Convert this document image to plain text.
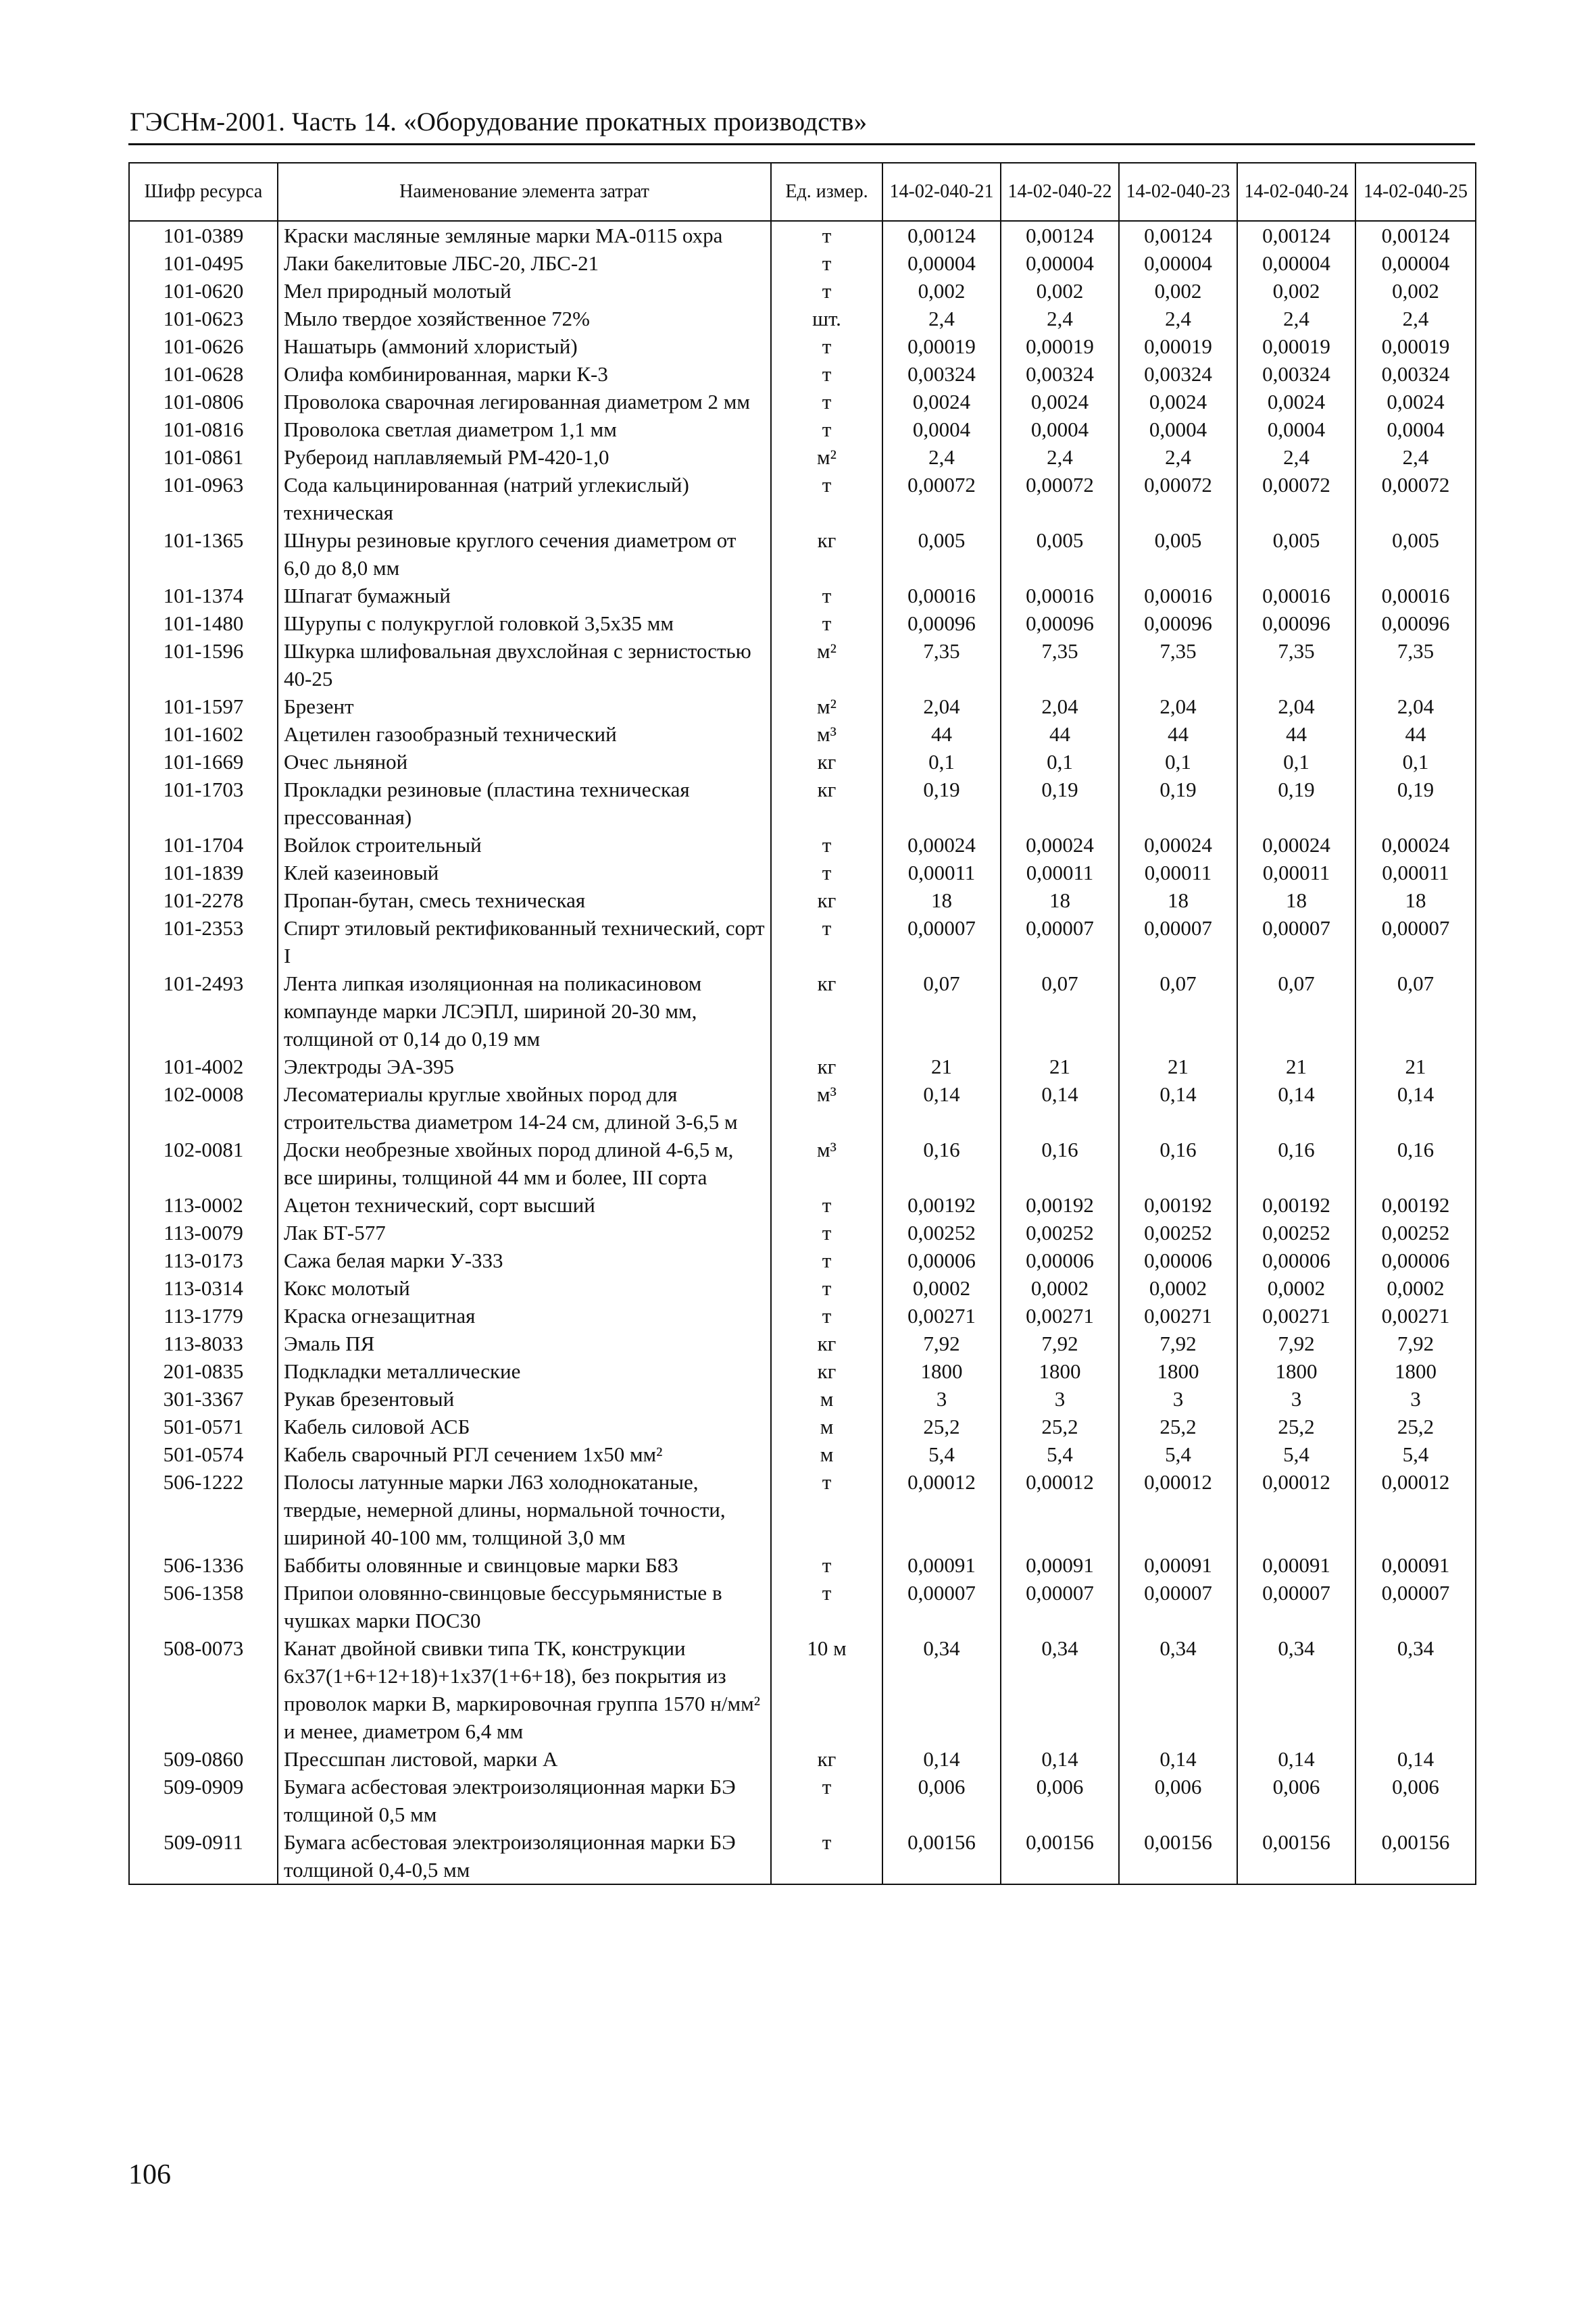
ГЭСНм-2001. Часть 14. «Оборудование прокатных производств»
Шифр ресурса	Наименование элемента затрат	Ед. измер.	14-02-040-21	14-02-040-22	14-02-040-23	14-02-040-24	14-02-040-25
101-0389	Краски масляные земляные марки МА-0115 охра	т	0,00124	0,00124	0,00124	0,00124	0,00124
101-0495	Лаки бакелитовые ЛБС-20, ЛБС-21	т	0,00004	0,00004	0,00004	0,00004	0,00004
101-0620	Мел природный молотый	т	0,002	0,002	0,002	0,002	0,002
101-0623	Мыло твердое хозяйственное 72%	шт.	2,4	2,4	2,4	2,4	2,4
101-0626	Нашатырь (аммоний хлористый)	т	0,00019	0,00019	0,00019	0,00019	0,00019
101-0628	Олифа комбинированная, марки К-3	т	0,00324	0,00324	0,00324	0,00324	0,00324
101-0806	Проволока сварочная легированная диаметром 2 мм	т	0,0024	0,0024	0,0024	0,0024	0,0024
101-0816	Проволока светлая диаметром 1,1 мм	т	0,0004	0,0004	0,0004	0,0004	0,0004
101-0861	Рубероид наплавляемый РМ-420-1,0	м²	2,4	2,4	2,4	2,4	2,4
101-0963	Сода кальцинированная (натрий углекислый) техническая	т	0,00072	0,00072	0,00072	0,00072	0,00072
101-1365	Шнуры резиновые круглого сечения диаметром от 6,0 до 8,0 мм	кг	0,005	0,005	0,005	0,005	0,005
101-1374	Шпагат бумажный	т	0,00016	0,00016	0,00016	0,00016	0,00016
101-1480	Шурупы с полукруглой головкой 3,5х35 мм	т	0,00096	0,00096	0,00096	0,00096	0,00096
101-1596	Шкурка шлифовальная двухслойная с зернистостью 40-25	м²	7,35	7,35	7,35	7,35	7,35
101-1597	Брезент	м²	2,04	2,04	2,04	2,04	2,04
101-1602	Ацетилен газообразный технический	м³	44	44	44	44	44
101-1669	Очес льняной	кг	0,1	0,1	0,1	0,1	0,1
101-1703	Прокладки резиновые (пластина техническая прессованная)	кг	0,19	0,19	0,19	0,19	0,19
101-1704	Войлок строительный	т	0,00024	0,00024	0,00024	0,00024	0,00024
101-1839	Клей казеиновый	т	0,00011	0,00011	0,00011	0,00011	0,00011
101-2278	Пропан-бутан, смесь техническая	кг	18	18	18	18	18
101-2353	Спирт этиловый ректификованный технический, сорт I	т	0,00007	0,00007	0,00007	0,00007	0,00007
101-2493	Лента липкая изоляционная на поликасиновом компаунде марки ЛСЭПЛ, шириной 20-30 мм, толщиной от 0,14 до 0,19 мм	кг	0,07	0,07	0,07	0,07	0,07
101-4002	Электроды ЭА-395	кг	21	21	21	21	21
102-0008	Лесоматериалы круглые хвойных пород для строительства диаметром 14-24 см, длиной 3-6,5 м	м³	0,14	0,14	0,14	0,14	0,14
102-0081	Доски необрезные хвойных пород длиной 4-6,5 м, все ширины, толщиной 44 мм и более, III сорта	м³	0,16	0,16	0,16	0,16	0,16
113-0002	Ацетон технический, сорт высший	т	0,00192	0,00192	0,00192	0,00192	0,00192
113-0079	Лак БТ-577	т	0,00252	0,00252	0,00252	0,00252	0,00252
113-0173	Сажа белая марки У-333	т	0,00006	0,00006	0,00006	0,00006	0,00006
113-0314	Кокс молотый	т	0,0002	0,0002	0,0002	0,0002	0,0002
113-1779	Краска огнезащитная	т	0,00271	0,00271	0,00271	0,00271	0,00271
113-8033	Эмаль ПЯ	кг	7,92	7,92	7,92	7,92	7,92
201-0835	Подкладки металлические	кг	1800	1800	1800	1800	1800
301-3367	Рукав брезентовый	м	3	3	3	3	3
501-0571	Кабель силовой АСБ	м	25,2	25,2	25,2	25,2	25,2
501-0574	Кабель сварочный РГЛ сечением 1х50 мм²	м	5,4	5,4	5,4	5,4	5,4
506-1222	Полосы латунные марки Л63 холоднокатаные, твердые, немерной длины, нормальной точности, шириной 40-100 мм, толщиной 3,0 мм	т	0,00012	0,00012	0,00012	0,00012	0,00012
506-1336	Баббиты оловянные и свинцовые марки Б83	т	0,00091	0,00091	0,00091	0,00091	0,00091
506-1358	Припои оловянно-свинцовые бессурьмянистые в чушках марки ПОС30	т	0,00007	0,00007	0,00007	0,00007	0,00007
508-0073	Канат двойной свивки типа ТК, конструкции 6х37(1+6+12+18)+1х37(1+6+18), без покрытия из проволок марки В, маркировочная группа 1570 н/мм² и менее, диаметром 6,4 мм	10 м	0,34	0,34	0,34	0,34	0,34
509-0860	Прессшпан листовой, марки А	кг	0,14	0,14	0,14	0,14	0,14
509-0909	Бумага асбестовая электроизоляционная марки БЭ толщиной 0,5 мм	т	0,006	0,006	0,006	0,006	0,006
509-0911	Бумага асбестовая электроизоляционная марки БЭ толщиной 0,4-0,5 мм	т	0,00156	0,00156	0,00156	0,00156	0,00156
106
